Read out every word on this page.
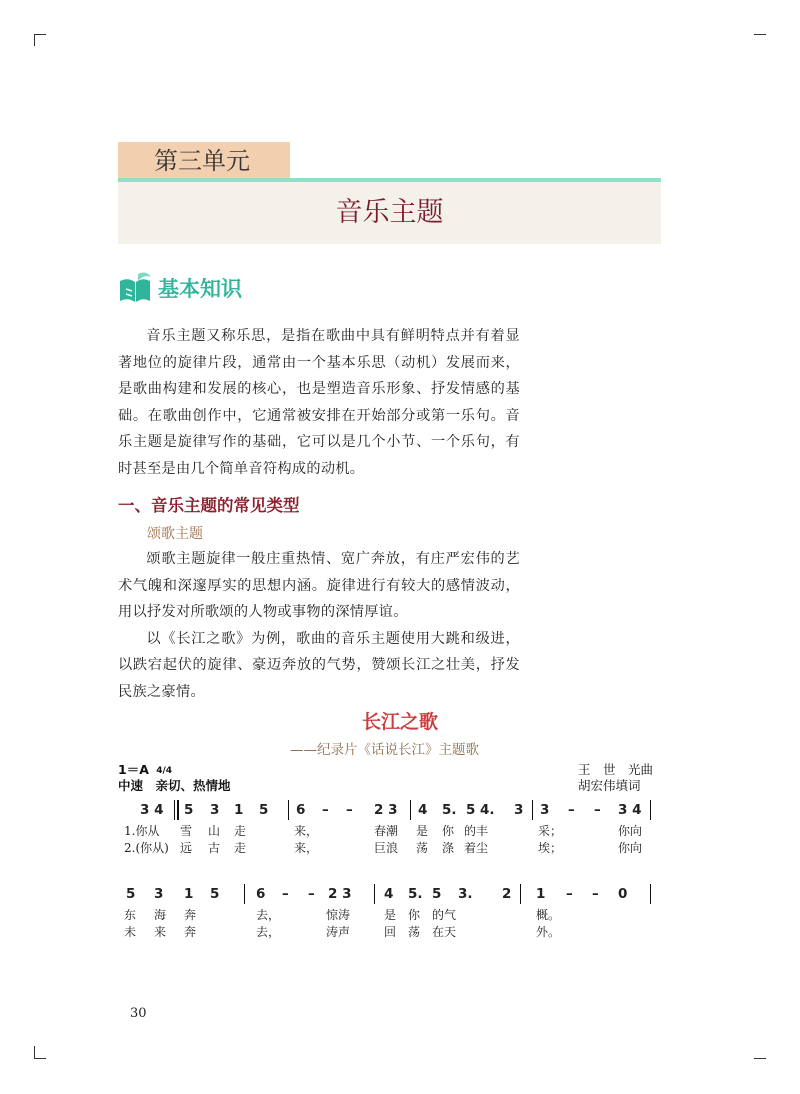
第三单元
音乐主题
基本知识

音乐主题又称乐思，是指在歌曲中具有鲜明特点并有着显著地位的旋律片段，通常由一个基本乐思（动机）发展而来，是歌曲构建和发展的核心，也是塑造音乐形象、抒发情感的基础。在歌曲创作中，它通常被安排在开始部分或第一乐句。音乐主题是旋律写作的基础，它可以是几个小节、一个乐句，有时甚至是由几个简单音符构成的动机。

一、音乐主题的常见类型
颂歌主题

颂歌主题旋律一般庄重热情、宽广奔放，有庄严宏伟的艺术气魄和深邃厚实的思想内涵。旋律进行有较大的感情波动，用以抒发对所歌颂的人物或事物的深情厚谊。

以《长江之歌》为例，歌曲的音乐主题使用大跳和级进，以跌宕起伏的旋律、豪迈奔放的气势，赞颂长江之壮美，抒发民族之豪情。

长江之歌
——纪录片《话说长江》主题歌
1＝A 4/4
中速　亲切、热情地
王　世　光曲
胡宏伟填词
3 4 5 3 1 5 6 – – 2 3 4 5. 5 4. 3 3 – – 3 4
1.你从 雪 山 走	来，	春潮 是 你 的丰	采；	你向
2.(你从) 远 古 走	来，	巨浪 荡 涤 着尘	埃；	你向
5 3 1 5	6 – – 2 3 4 5. 5 3. 2 1 – – 0
东 海 奔	去，	惊涛	是 你 的气	概。
未 来 奔	去，	涛声	回 荡 在天	外。
30
